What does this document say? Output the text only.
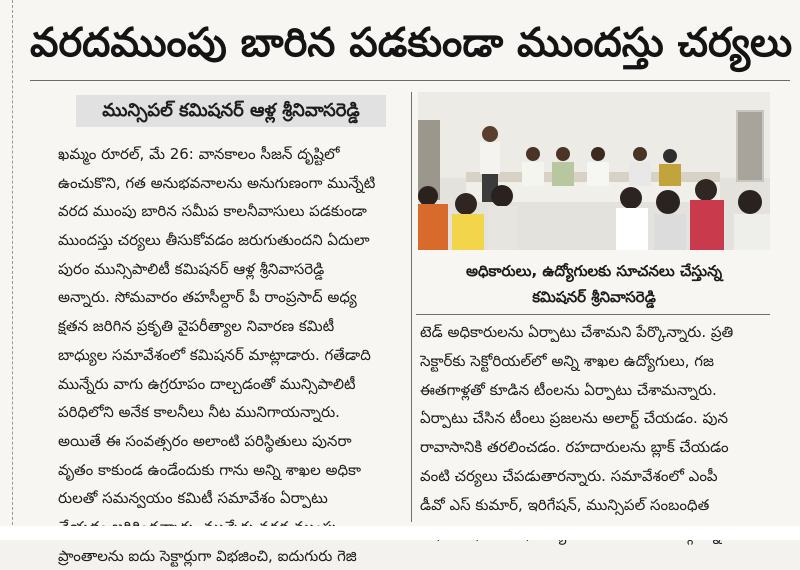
వరదముంపు బారిన పడకుండా ముందస్తు చర్యలు
మున్సిపల్ కమిషనర్ ఆళ్ల శ్రీనివాసరెడ్డి
ఖమ్మం రూరల్, మే 26: వానకాలం సీజన్ దృష్టిలో
ఉంచుకొని, గత అనుభవనాలను అనుగుణంగా మున్నేటి
వరద ముంపు బారిన సమీప కాలనీవాసులు పడకుండా
ముందస్తు చర్యలు తీసుకోవడం జరుగుతుందని ఏదులా
పురం మున్సిపాలిటీ కమిషనర్ ఆళ్ల శ్రీనివాసరెడ్డి
అన్నారు. సోమవారం తహసీల్దార్ పీ రాంప్రసాద్ అధ్య
క్షతన జరిగిన ప్రకృతి వైపరీత్యాల నివారణ కమిటీ
బాధ్యుల సమావేశంలో కమిషనర్ మాట్లాడారు. గతేడాది
మున్నేరు వాగు ఉగ్రరూపం దాల్చడంతో మున్సిపాలిటీ
పరిధిలోని అనేక కాలనీలు నీట మునిగాయన్నారు.
అయితే ఈ సంవత్సరం అలాంటి పరిస్థితులు పునరా
వృతం కాకుండ ఉండేందుకు గాను అన్ని శాఖల అధికా
రులతో సమన్వయం కమిటీ సమావేశం ఏర్పాటు
ప్రాంతాలను ఐదు సెక్టార్లుగా విభజించి, ఐదుగురు గెజి
అధికారులు, ఉద్యోగులకు సూచనలు చేస్తున్న
కమిషనర్ శ్రీనివాసరెడ్డి
టెడ్ అధికారులను ఏర్పాటు చేశామని పేర్కొన్నారు. ప్రతి
సెక్టార్‌కు సెక్టోరియల్‌లో అన్ని శాఖల ఉద్యోగులు, గజ
ఈతగాళ్లతో కూడిన టీంలను ఏర్పాటు చేశామన్నారు.
ఏర్పాటు చేసిన టీంలు ప్రజలను అలార్ట్ చేయడం. పున
రావాసానికి తరలించడం. రహదారులను బ్లాక్ చేయడం
వంటి చర్యలు చేపడుతారన్నారు. సమావేశంలో ఎంపీ
డీవో ఎస్ కుమార్, ఇరిగేషన్, మున్సిపల్ సంబంధిత
